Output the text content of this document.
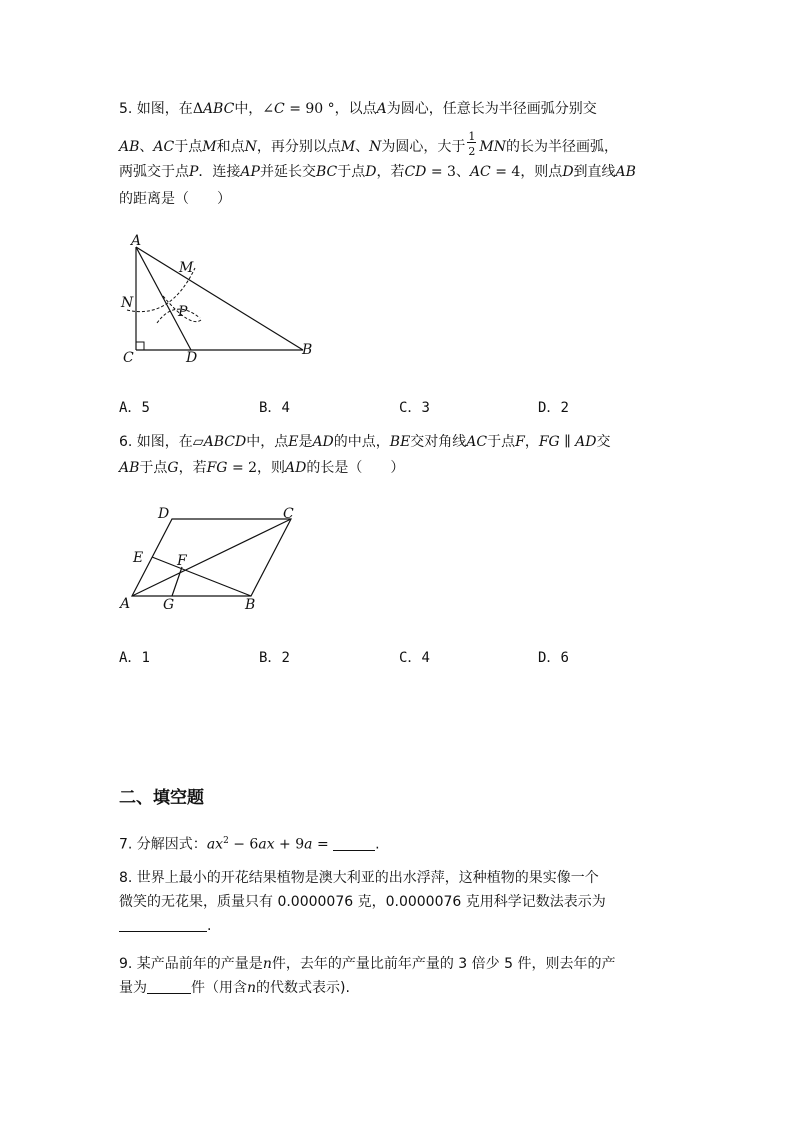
5. 如图，在ΔABC中，∠C = 90 °，以点A为圆心，任意长为半径画弧分别交
AB、AC于点M和点N，再分别以点M、N为圆心，大于 $\frac{1}{2}$ MN的长为半径画弧，
两弧交于点P．连接AP并延长交BC于点D，若CD = 3、AC = 4，则点D到直线AB
的距离是（　　）
A
M
N
P
C	D	B
A．5	B．4	C．3	D．2
6. 如图，在▱ABCD中，点E是AD的中点，BE交对角线AC于点F，FG ∥ AD交
AB于点G，若FG = 2，则AD的长是（　　）
D	C
E F
A G	B
A．1	B．2	C．4	D．6
二、填空题
7. 分解因式：$ax^2 - 6ax + 9a$ =	.
8. 世界上最小的开花结果植物是澳大利亚的出水浮萍，这种植物的果实像一个
微笑的无花果，质量只有 0.0000076 克，0.0000076 克用科学记数法表示为
.
9. 某产品前年的产量是n件，去年的产量比前年产量的 3 倍少 5 件，则去年的产
量为	件（用含n的代数式表示).
